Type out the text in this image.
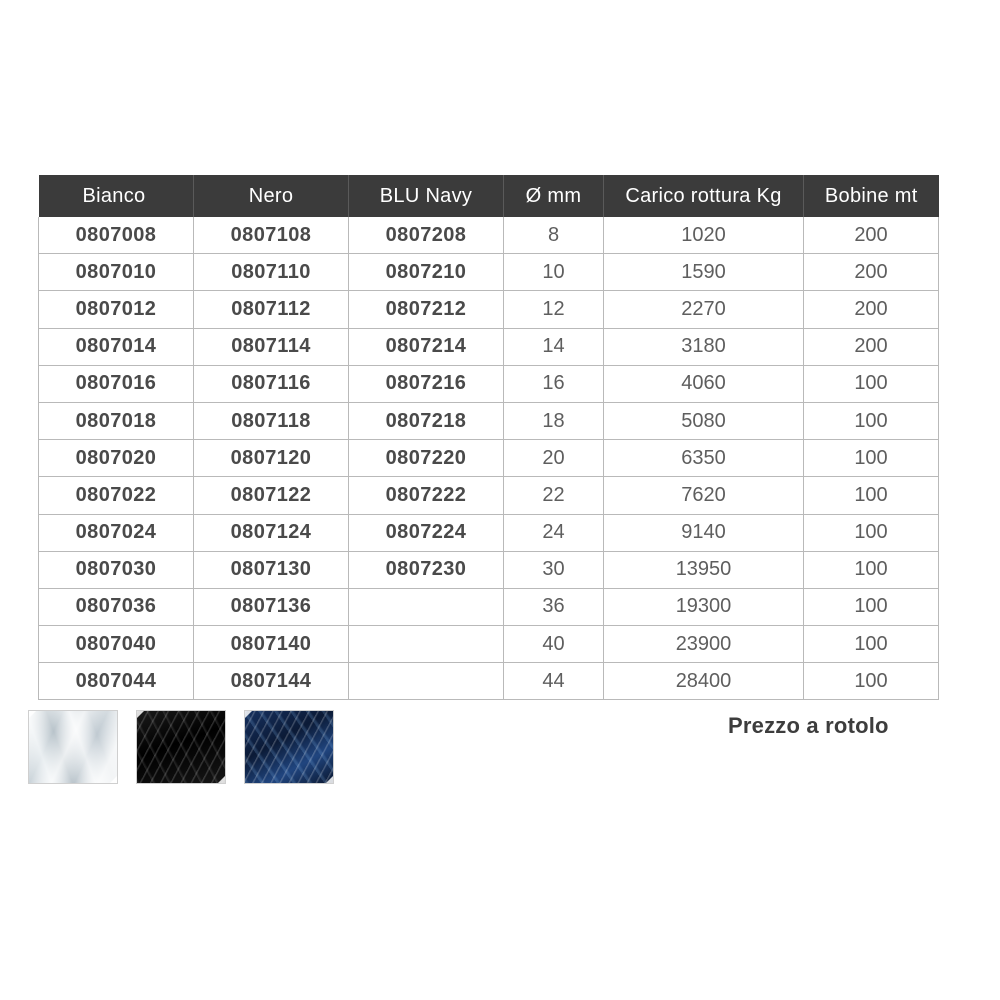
Bianco	Nero	BLU Navy	Ø mm	Carico rottura Kg	Bobine mt
0807008	0807108	0807208	8	1020	200
0807010	0807110	0807210	10	1590	200
0807012	0807112	0807212	12	2270	200
0807014	0807114	0807214	14	3180	200
0807016	0807116	0807216	16	4060	100
0807018	0807118	0807218	18	5080	100
0807020	0807120	0807220	20	6350	100
0807022	0807122	0807222	22	7620	100
0807024	0807124	0807224	24	9140	100
0807030	0807130	0807230	30	13950	100
0807036	0807136		36	19300	100
0807040	0807140		40	23900	100
0807044	0807144		44	28400	100
Prezzo a rotolo
